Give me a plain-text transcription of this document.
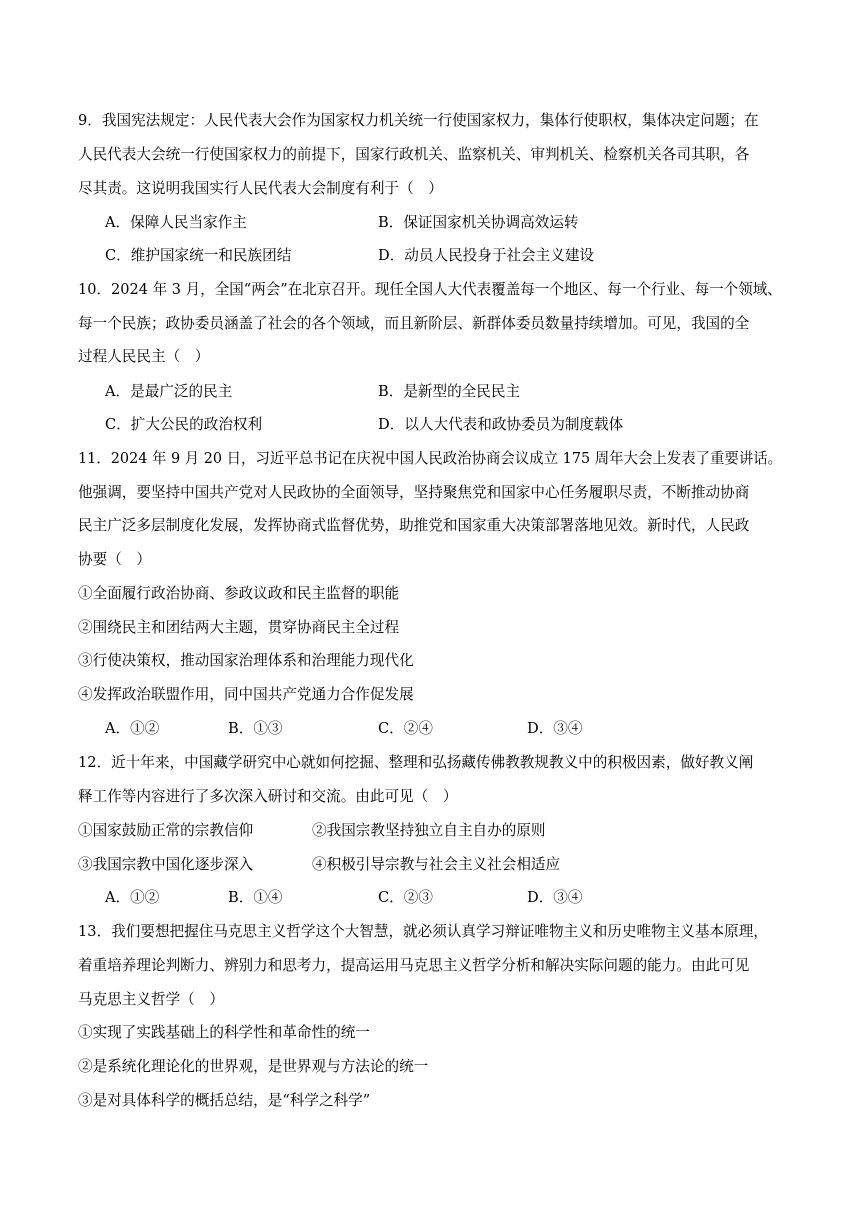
9．我国宪法规定：人民代表大会作为国家权力机关统一行使国家权力，集体行使职权，集体决定问题；在
人民代表大会统一行使国家权力的前提下，国家行政机关、监察机关、审判机关、检察机关各司其职，各
尽其责。这说明我国实行人民代表大会制度有利于（　）
A．保障人民当家作主	B．保证国家机关协调高效运转
C．维护国家统一和民族团结	D．动员人民投身于社会主义建设
10．2024 年 3 月，全国“两会”在北京召开。现任全国人大代表覆盖每一个地区、每一个行业、每一个领域、
每一个民族；政协委员涵盖了社会的各个领域，而且新阶层、新群体委员数量持续增加。可见，我国的全
过程人民民主（　）
A．是最广泛的民主	B．是新型的全民民主
C．扩大公民的政治权利	D．以人大代表和政协委员为制度载体
11．2024 年 9 月 20 日，习近平总书记在庆祝中国人民政治协商会议成立 175 周年大会上发表了重要讲话。
他强调，要坚持中国共产党对人民政协的全面领导，坚持聚焦党和国家中心任务履职尽责，不断推动协商
民主广泛多层制度化发展，发挥协商式监督优势，助推党和国家重大决策部署落地见效。新时代，人民政
协要（　）
①全面履行政治协商、参政议政和民主监督的职能
②围绕民主和团结两大主题，贯穿协商民主全过程
③行使决策权，推动国家治理体系和治理能力现代化
④发挥政治联盟作用，同中国共产党通力合作促发展
A．①②	B．①③	C．②④	D．③④
12．近十年来，中国藏学研究中心就如何挖掘、整理和弘扬藏传佛教教规教义中的积极因素，做好教义阐
释工作等内容进行了多次深入研讨和交流。由此可见（　）
①国家鼓励正常的宗教信仰	②我国宗教坚持独立自主自办的原则
③我国宗教中国化逐步深入	④积极引导宗教与社会主义社会相适应
A．①②	B．①④	C．②③	D．③④
13．我们要想把握住马克思主义哲学这个大智慧，就必须认真学习辩证唯物主义和历史唯物主义基本原理，
着重培养理论判断力、辨别力和思考力，提高运用马克思主义哲学分析和解决实际问题的能力。由此可见
马克思主义哲学（　）
①实现了实践基础上的科学性和革命性的统一
②是系统化理论化的世界观，是世界观与方法论的统一
③是对具体科学的概括总结，是“科学之科学”
